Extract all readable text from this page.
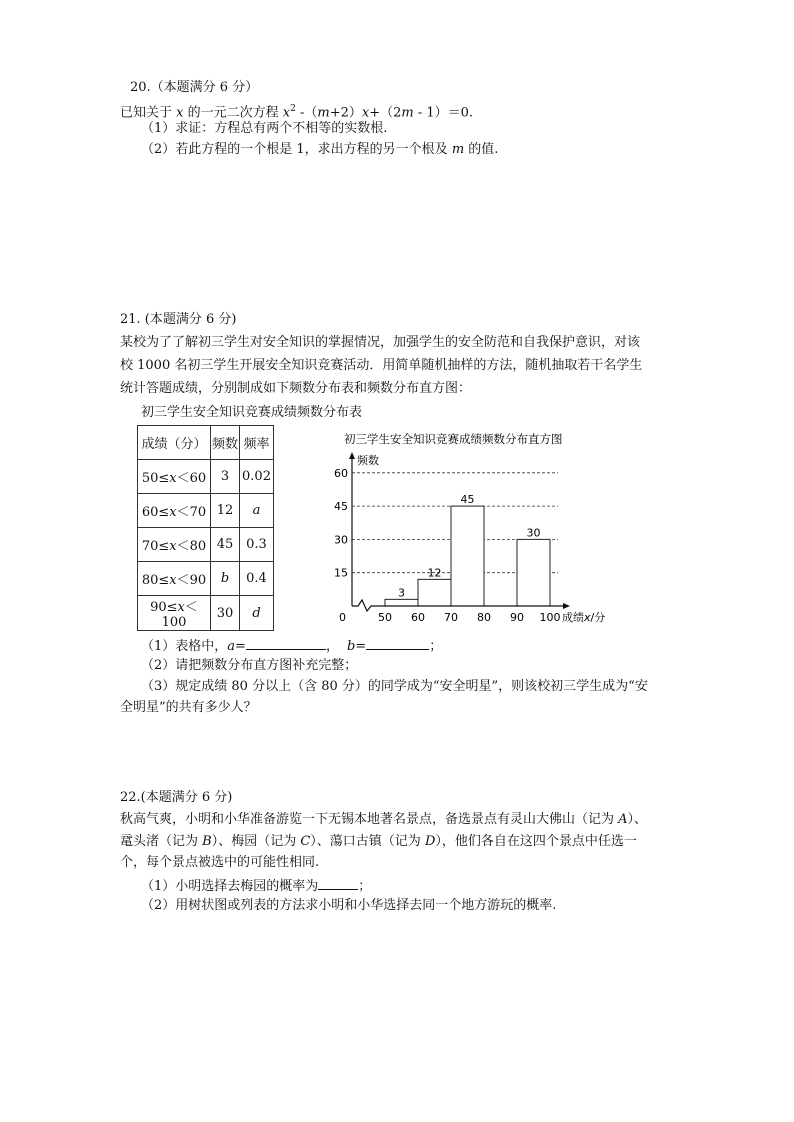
20.（本题满分 6 分）
已知关于 x 的一元二次方程 $x^2$ -（m+2）x+（2m - 1）＝0.
（1）求证：方程总有两个不相等的实数根.
（2）若此方程的一个根是 1，求出方程的另一个根及 m 的值.
21. (本题满分 6 分)
某校为了了解初三学生对安全知识的掌握情况，加强学生的安全防范和自我保护意识，对该
校 1000 名初三学生开展安全知识竞赛活动．用简单随机抽样的方法，随机抽取若干名学生
统计答题成绩，分别制成如下频数分布表和频数分布直方图：
初三学生安全知识竞赛成绩频数分布表
成绩（分）	频数	频率
50≤x＜60	3	0.02
60≤x＜70	12	a
70≤x＜80	45	0.3
80≤x＜90	b	0.4
90≤x＜100	30	d
初三学生安全知识竞赛成绩频数分布直方图
频数
15
30
45
60
3
12
45
30
0	50 60 70 80 90 100 成绩x/分
（1）表格中，a=	， b=	；
（2）请把频数分布直方图补充完整；
（3）规定成绩 80 分以上（含 80 分）的同学成为“安全明星”，则该校初三学生成为“安
全明星”的共有多少人？
22.(本题满分 6 分)
秋高气爽，小明和小华准备游览一下无锡本地著名景点，备选景点有灵山大佛山（记为 A）、
鼋头渚（记为 B）、梅园（记为 C）、蕩口古镇（记为 D），他们各自在这四个景点中任选一
个，每个景点被选中的可能性相同.
（1）小明选择去梅园的概率为	；
（2）用树状图或列表的方法求小明和小华选择去同一个地方游玩的概率.
